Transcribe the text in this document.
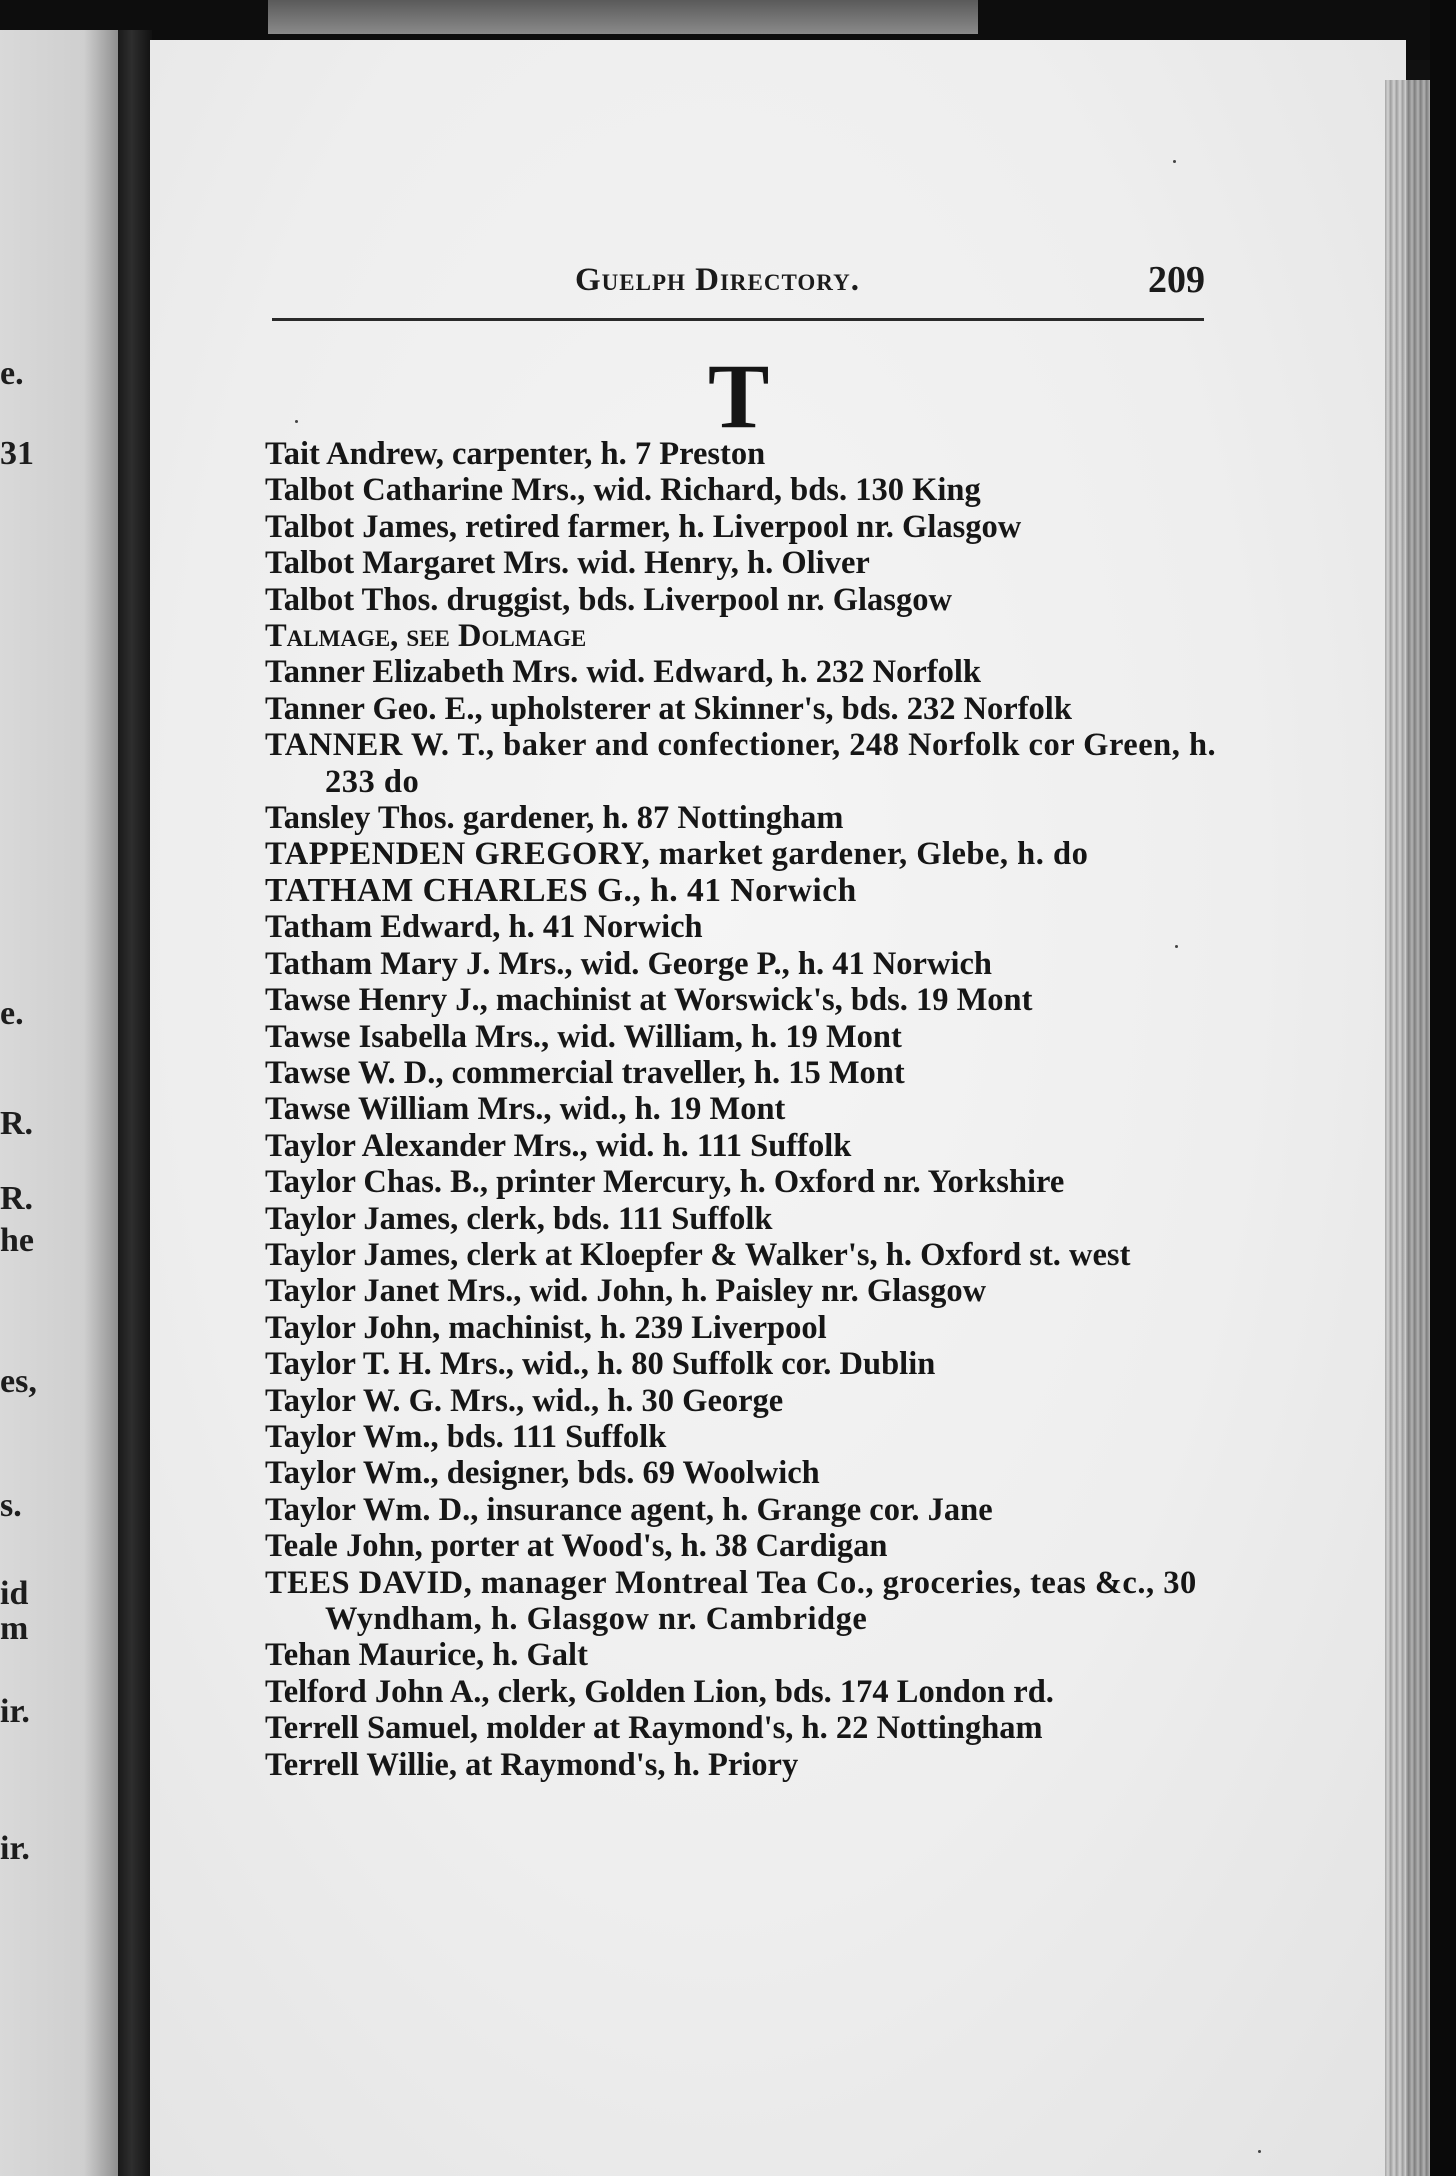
e.
31
e.
R.
R.
he
es,
s.
id
m
ir.
ir.
Guelph Directory.	209
T
Tait Andrew, carpenter, h. 7 Preston
Talbot Catharine Mrs., wid. Richard, bds. 130 King
Talbot James, retired farmer, h. Liverpool nr. Glasgow
Talbot Margaret Mrs. wid. Henry, h. Oliver
Talbot Thos. druggist, bds. Liverpool nr. Glasgow
Talmage, see Dolmage
Tanner Elizabeth Mrs. wid. Edward, h. 232 Norfolk
Tanner Geo. E., upholsterer at Skinner's, bds. 232 Norfolk
TANNER W. T., baker and confectioner, 248 Norfolk cor Green, h. 233 do
Tansley Thos. gardener, h. 87 Nottingham
TAPPENDEN GREGORY, market gardener, Glebe, h. do
TATHAM CHARLES G., h. 41 Norwich
Tatham Edward, h. 41 Norwich
Tatham Mary J. Mrs., wid. George P., h. 41 Norwich
Tawse Henry J., machinist at Worswick's, bds. 19 Mont
Tawse Isabella Mrs., wid. William, h. 19 Mont
Tawse W. D., commercial traveller, h. 15 Mont
Tawse William Mrs., wid., h. 19 Mont
Taylor Alexander Mrs., wid. h. 111 Suffolk
Taylor Chas. B., printer Mercury, h. Oxford nr. Yorkshire
Taylor James, clerk, bds. 111 Suffolk
Taylor James, clerk at Kloepfer & Walker's, h. Oxford st. west
Taylor Janet Mrs., wid. John, h. Paisley nr. Glasgow
Taylor John, machinist, h. 239 Liverpool
Taylor T. H. Mrs., wid., h. 80 Suffolk cor. Dublin
Taylor W. G. Mrs., wid., h. 30 George
Taylor Wm., bds. 111 Suffolk
Taylor Wm., designer, bds. 69 Woolwich
Taylor Wm. D., insurance agent, h. Grange cor. Jane
Teale John, porter at Wood's, h. 38 Cardigan
TEES DAVID, manager Montreal Tea Co., groceries, teas &c., 30 Wyndham, h. Glasgow nr. Cambridge
Tehan Maurice, h. Galt
Telford John A., clerk, Golden Lion, bds. 174 London rd.
Terrell Samuel, molder at Raymond's, h. 22 Nottingham
Terrell Willie, at Raymond's, h. Priory
